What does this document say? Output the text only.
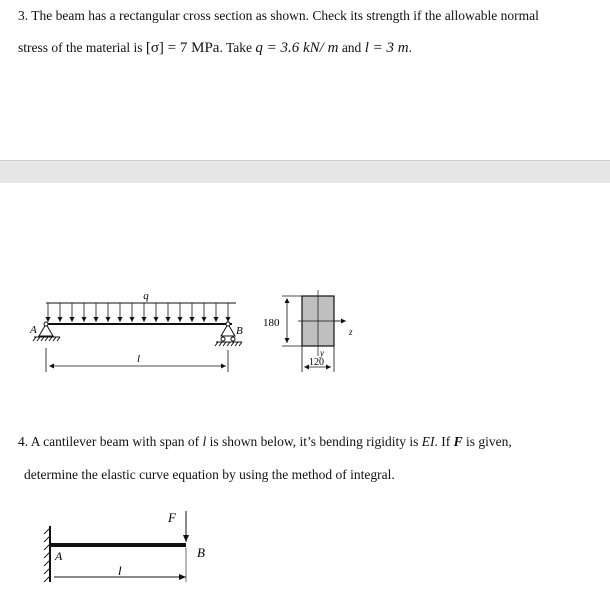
3. The beam has a rectangular cross section as shown. Check its strength if the allowable normal
stress of the material is [σ] = 7 MPa. Take q = 3.6 kN/ m and l = 3 m.
4. A cantilever beam with span of l is shown below, it’s bending rigidity is EI. If F is given,
determine the elastic curve equation by using the method of integral.
q
A	B
l
180
120
y
z
F
A	B
l
